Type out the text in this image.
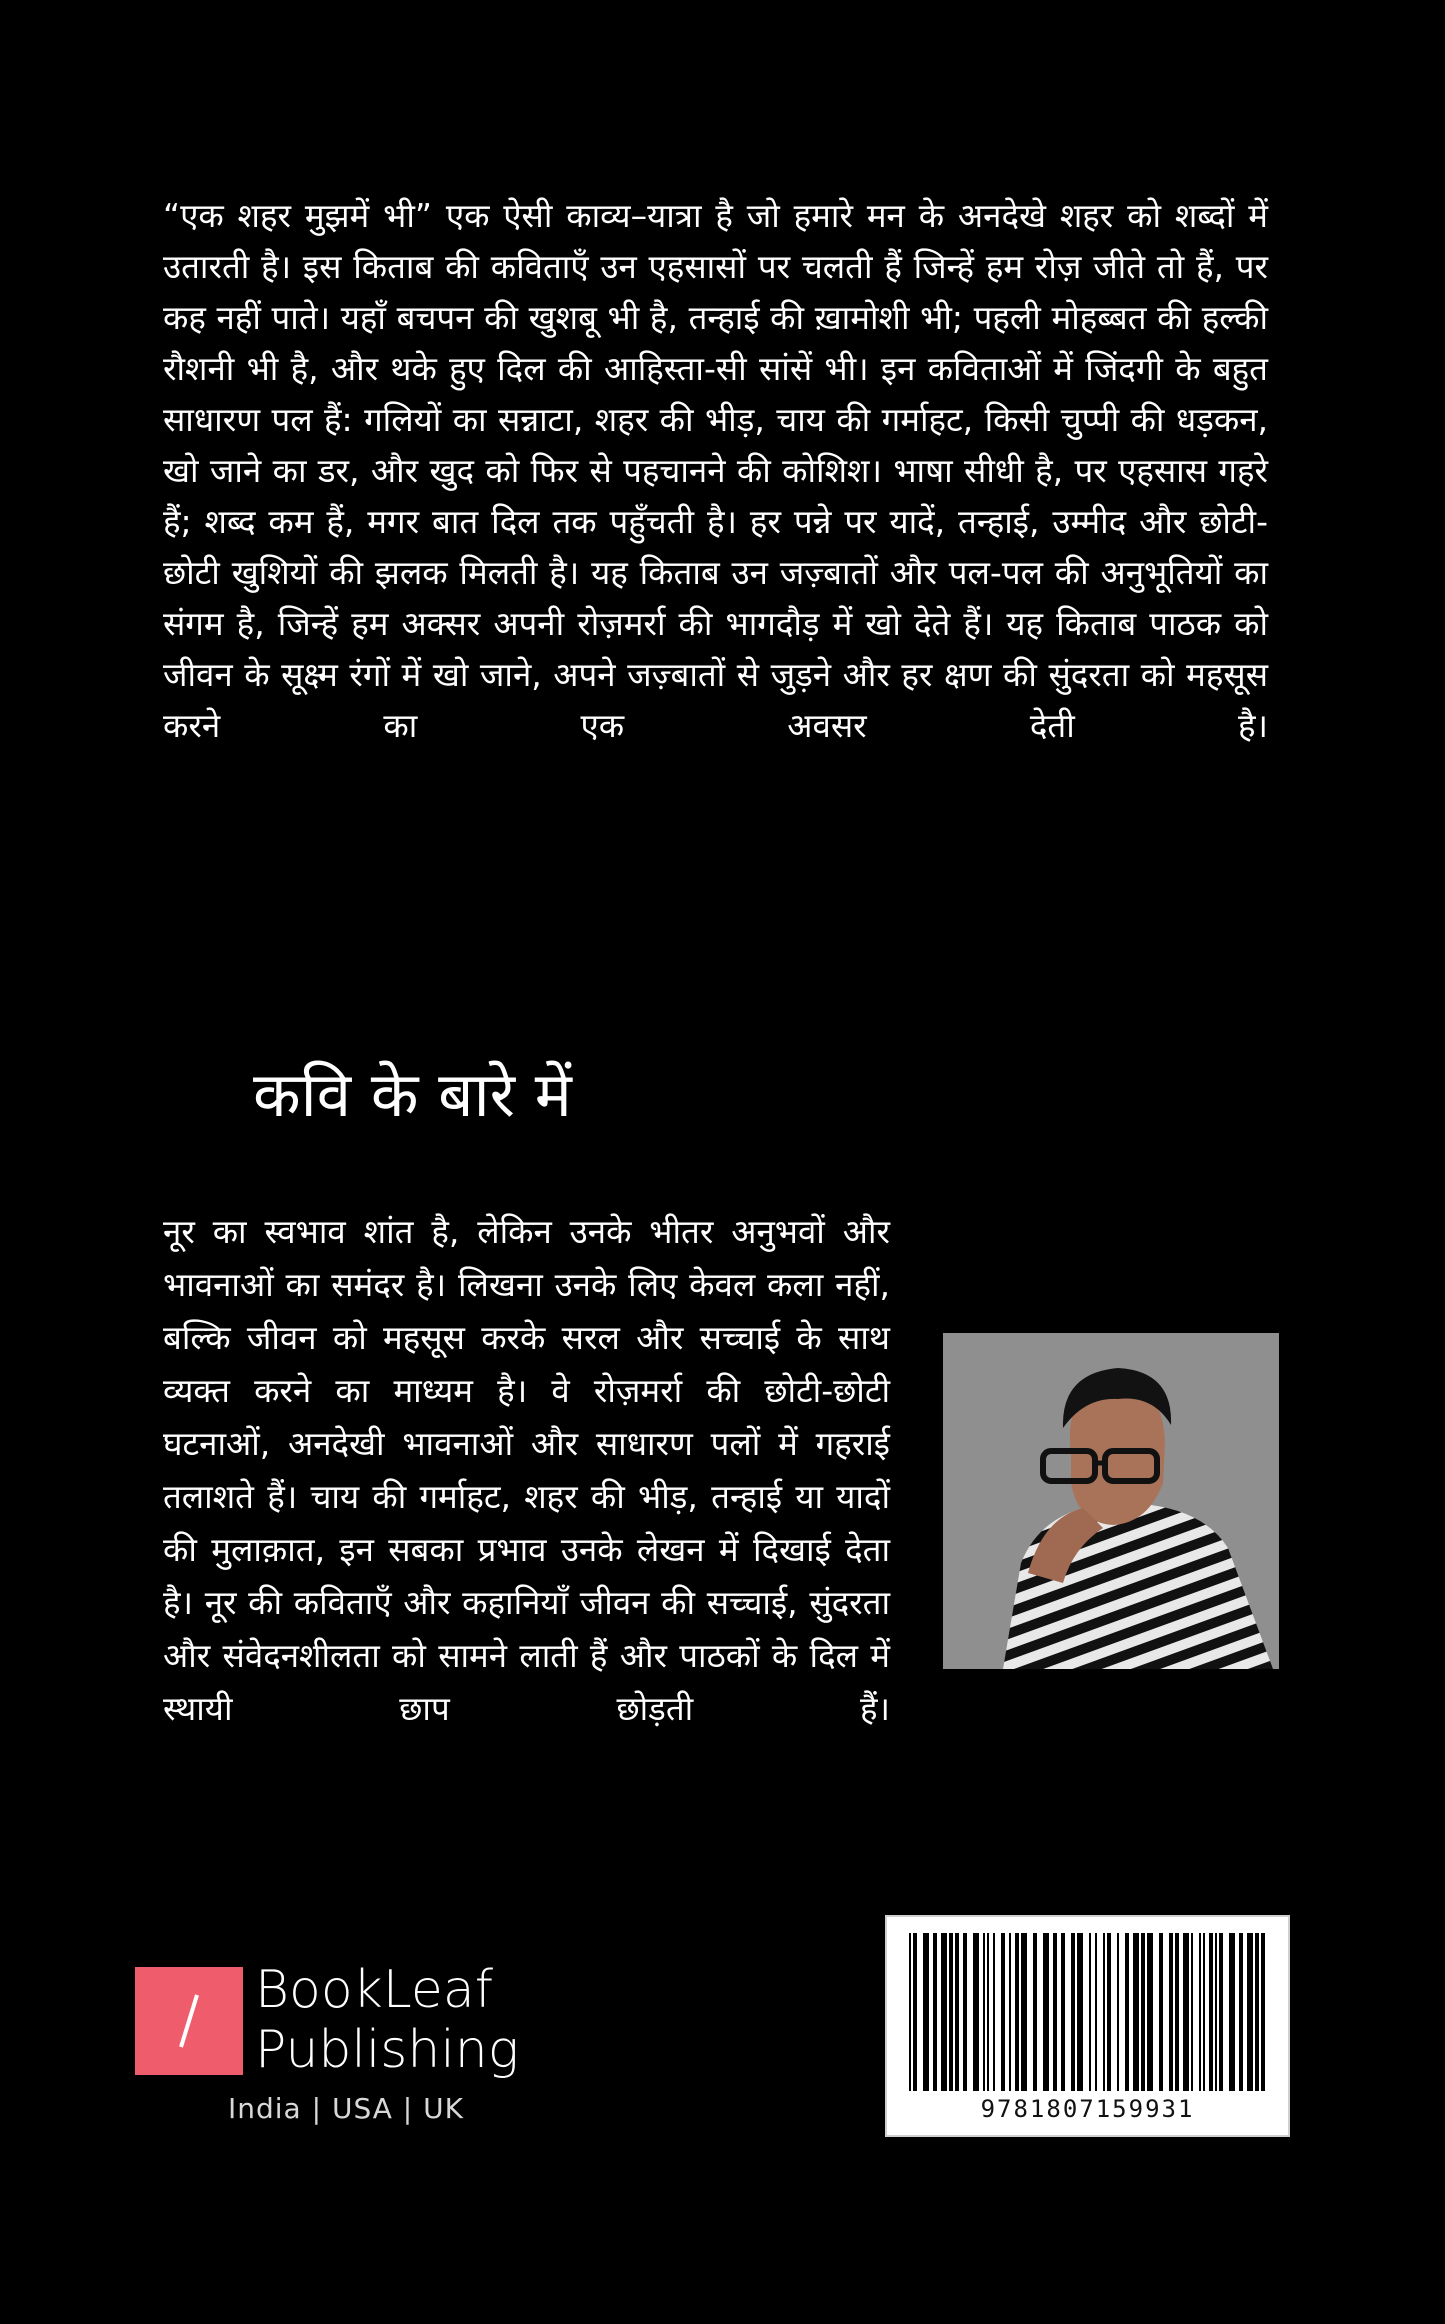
“एक शहर मुझमें भी” एक ऐसी काव्य–यात्रा है जो हमारे मन के अनदेखे शहर को शब्दों में उतारती है। इस किताब की कविताएँ उन एहसासों पर चलती हैं जिन्हें हम रोज़ जीते तो हैं, पर कह नहीं पाते। यहाँ बचपन की खुशबू भी है, तन्हाई की ख़ामोशी भी; पहली मोहब्बत की हल्की रौशनी भी है, और थके हुए दिल की आहिस्ता-सी सांसें भी। इन कविताओं में जिंदगी के बहुत साधारण पल हैं: गलियों का सन्नाटा, शहर की भीड़, चाय की गर्माहट, किसी चुप्पी की धड़कन, खो जाने का डर, और खुद को फिर से पहचानने की कोशिश। भाषा सीधी है, पर एहसास गहरे हैं; शब्द कम हैं, मगर बात दिल तक पहुँचती है। हर पन्ने पर यादें, तन्हाई, उम्मीद और छोटी-छोटी खुशियों की झलक मिलती है। यह किताब उन जज़्बातों और पल-पल की अनुभूतियों का संगम है, जिन्हें हम अक्सर अपनी रोज़मर्रा की भागदौड़ में खो देते हैं। यह किताब पाठक को जीवन के सूक्ष्म रंगों में खो जाने, अपने जज़्बातों से जुड़ने और हर क्षण की सुंदरता को महसूस करने का एक अवसर देती है।

कवि के बारे में

नूर का स्वभाव शांत है, लेकिन उनके भीतर अनुभवों और भावनाओं का समंदर है। लिखना उनके लिए केवल कला नहीं, बल्कि जीवन को महसूस करके सरल और सच्चाई के साथ व्यक्त करने का माध्यम है। वे रोज़मर्रा की छोटी-छोटी घटनाओं, अनदेखी भावनाओं और साधारण पलों में गहराई तलाशते हैं। चाय की गर्माहट, शहर की भीड़, तन्हाई या यादों की मुलाक़ात, इन सबका प्रभाव उनके लेखन में दिखाई देता है। नूर की कविताएँ और कहानियाँ जीवन की सच्चाई, सुंदरता और संवेदनशीलता को सामने लाती हैं और पाठकों के दिल में स्थायी छाप छोड़ती हैं।

BookLeaf
Publishing
India | USA | UK	9781807159931
